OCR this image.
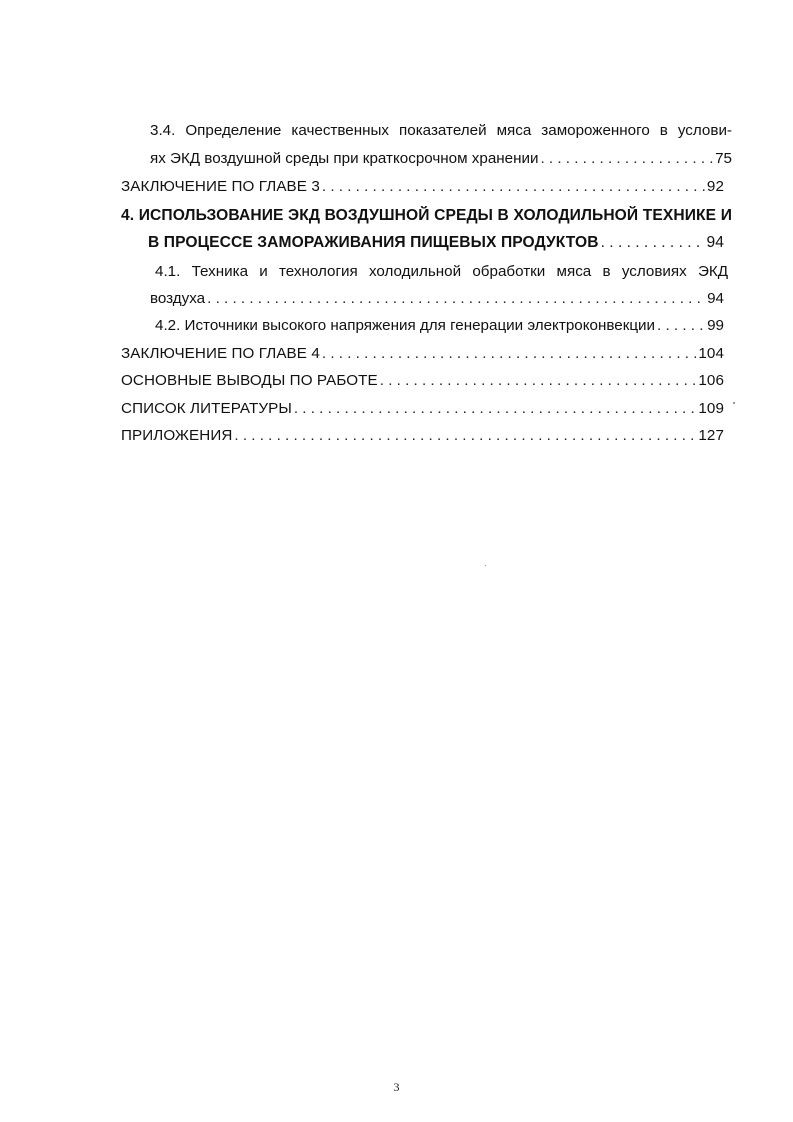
3.4. Определение качественных показателей мяса замороженного в услови-
ях ЭКД воздушной среды при краткосрочном хранении . . .	75
ЗАКЛЮЧЕНИЕ ПО ГЛАВЕ 3 . . .	92
4. ИСПОЛЬЗОВАНИЕ ЭКД ВОЗДУШНОЙ СРЕДЫ В ХОЛОДИЛЬНОЙ ТЕХНИКЕ И
В ПРОЦЕССЕ ЗАМОРАЖИВАНИЯ ПИЩЕВЫХ ПРОДУКТОВ . . .	94
4.1. Техника и технология холодильной обработки мяса в условиях ЭКД
воздуха . . .	94
4.2. Источники высокого напряжения для генерации электроконвекции . . .	99
ЗАКЛЮЧЕНИЕ ПО ГЛАВЕ 4 . . .	104
ОСНОВНЫЕ ВЫВОДЫ ПО РАБОТЕ . . .	106
СПИСОК ЛИТЕРАТУРЫ . . .	109
ПРИЛОЖЕНИЯ . . .	127
3
